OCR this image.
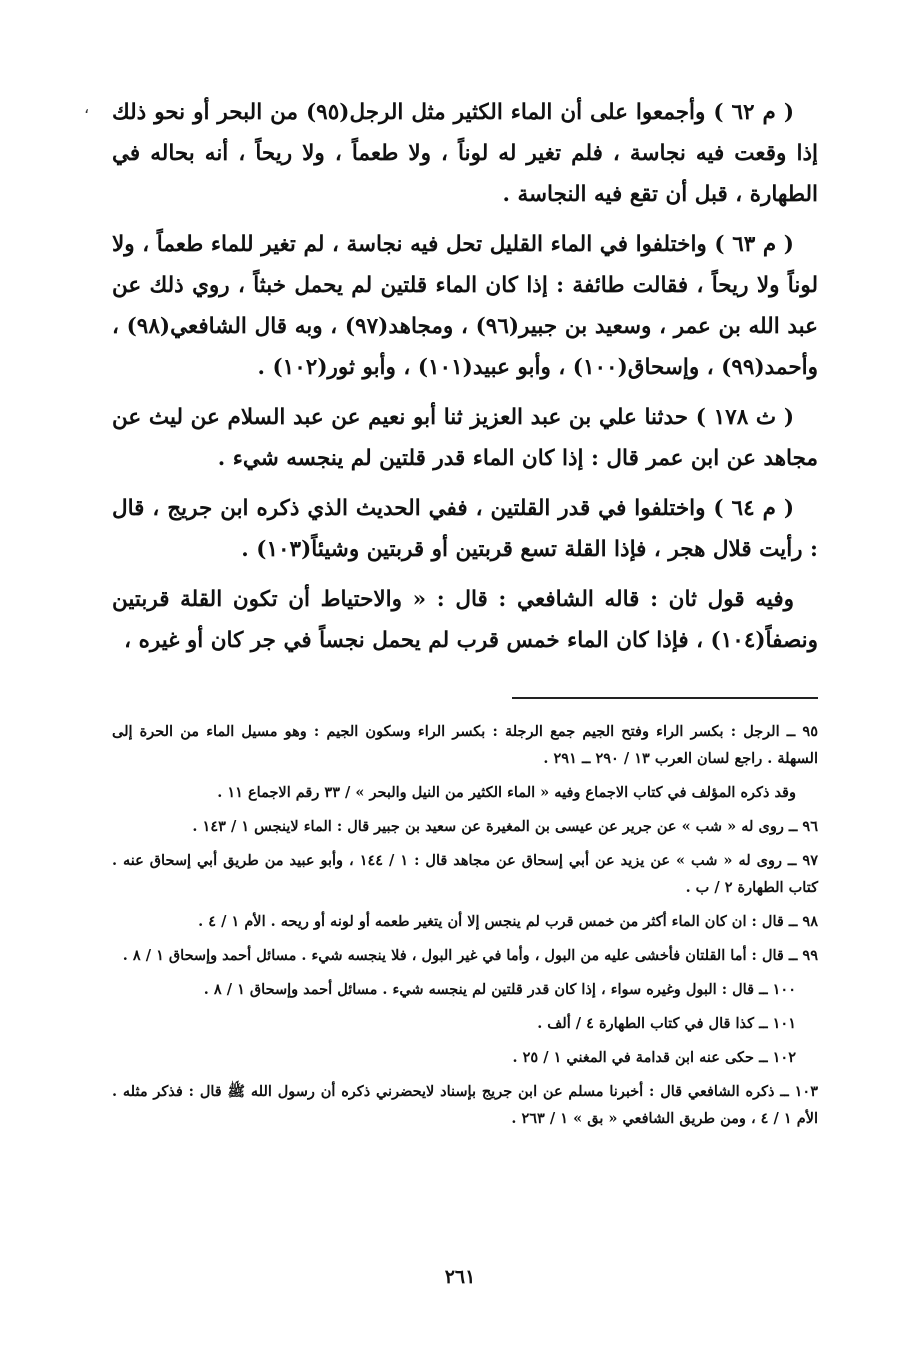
، ( م ٦٢ ) وأجمعوا على أن الماء الكثير مثل الرجل(٩٥) من البحر أو نحو ذلك إذا وقعت فيه نجاسة ، فلم تغير له لوناً ، ولا طعماً ، ولا ريحاً ، أنه بحاله في الطهارة ، قبل أن تقع فيه النجاسة .

( م ٦٣ ) واختلفوا في الماء القليل تحل فيه نجاسة ، لم تغير للماء طعماً ، ولا لوناً ولا ريحاً ، فقالت طائفة : إذا كان الماء قلتين لم يحمل خبثاً ، روي ذلك عن عبد الله بن عمر ، وسعيد بن جبير(٩٦) ، ومجاهد(٩٧) ، وبه قال الشافعي(٩٨) ، وأحمد(٩٩) ، وإسحاق(١٠٠) ، وأبو عبيد(١٠١) ، وأبو ثور(١٠٢) .

( ث ١٧٨ ) حدثنا علي بن عبد العزيز ثنا أبو نعيم عن عبد السلام عن ليث عن مجاهد عن ابن عمر قال : إذا كان الماء قدر قلتين لم ينجسه شيء .

( م ٦٤ ) واختلفوا في قدر القلتين ، ففي الحديث الذي ذكره ابن جريج ، قال : رأيت قلال هجر ، فإذا القلة تسع قربتين أو قربتين وشيئاً(١٠٣) .

وفيه قول ثان : قاله الشافعي : قال : « والاحتياط أن تكون القلة قربتين ونصفاً(١٠٤) ، فإذا كان الماء خمس قرب لم يحمل نجساً في جر كان أو غيره ،

٩٥ ــ الرجل : بكسر الراء وفتح الجيم جمع الرجلة : بكسر الراء وسكون الجيم : وهو مسيل الماء من الحرة إلى السهلة . راجع لسان العرب ١٣ / ٢٩٠ ــ ٢٩١ .

وقد ذكره المؤلف في كتاب الاجماع وفيه « الماء الكثير من النيل والبحر » / ٣٣ رقم الاجماع ١١ .

٩٦ ــ روى له « شب » عن جرير عن عيسى بن المغيرة عن سعيد بن جبير قال : الماء لاينجس ١ / ١٤٣ .

٩٧ ــ روى له « شب » عن يزيد عن أبي إسحاق عن مجاهد قال : ١ / ١٤٤ ، وأبو عبيد من طريق أبي إسحاق عنه . كتاب الطهارة ٢ / ب .

٩٨ ــ قال : ان كان الماء أكثر من خمس قرب لم ينجس إلا أن يتغير طعمه أو لونه أو ريحه . الأم ١ / ٤ .

٩٩ ــ قال : أما القلتان فأخشى عليه من البول ، وأما في غير البول ، فلا ينجسه شيء . مسائل أحمد وإسحاق ١ / ٨ .

١٠٠ ــ قال : البول وغيره سواء ، إذا كان قدر قلتين لم ينجسه شيء . مسائل أحمد وإسحاق ١ / ٨ .

١٠١ ــ كذا قال في كتاب الطهارة ٤ / ألف .

١٠٢ ــ حكى عنه ابن قدامة في المغني ١ / ٢٥ .

١٠٣ ــ ذكره الشافعي قال : أخبرنا مسلم عن ابن جريج بإسناد لايحضرني ذكره أن رسول الله ﷺ قال : فذكر مثله . الأم ١ / ٤ ، ومن طريق الشافعي « بق » ١ / ٢٦٣ .

٢٦١
